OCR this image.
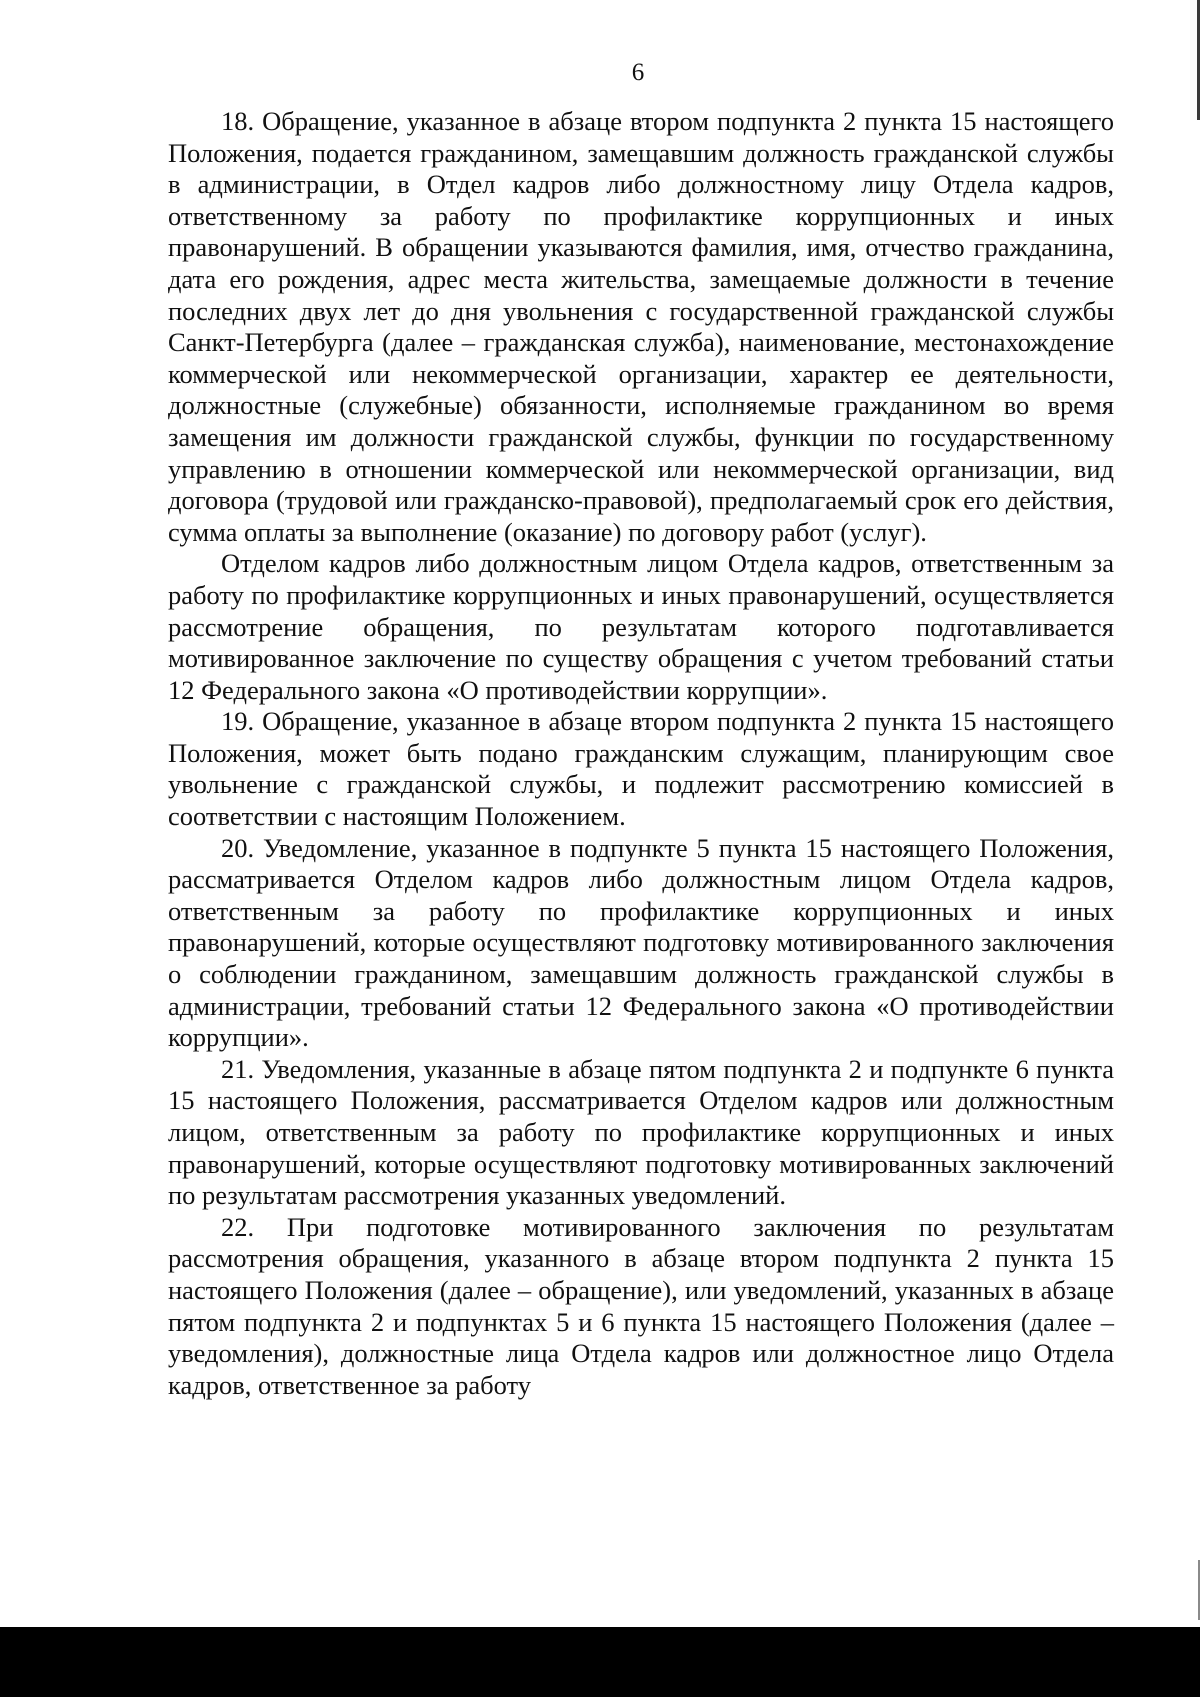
6

18. Обращение, указанное в абзаце втором подпункта 2 пункта 15 настоящего Положения, подается гражданином, замещавшим должность гражданской службы в администрации, в Отдел кадров либо должностному лицу Отдела кадров, ответственному за работу по профилактике коррупционных и иных правонарушений. В обращении указываются фамилия, имя, отчество гражданина, дата его рождения, адрес места жительства, замещаемые должности в течение последних двух лет до дня увольнения с государственной гражданской службы Санкт-Петербурга (далее – гражданская служба), наименование, местонахождение коммерческой или некоммерческой организации, характер ее деятельности, должностные (служебные) обязанности, исполняемые гражданином во время замещения им должности гражданской службы, функции по государственному управлению в отношении коммерческой или некоммерческой организации, вид договора (трудовой или гражданско-правовой), предполагаемый срок его действия, сумма оплаты за выполнение (оказание) по договору работ (услуг).

Отделом кадров либо должностным лицом Отдела кадров, ответственным за работу по профилактике коррупционных и иных правонарушений, осуществляется рассмотрение обращения, по результатам которого подготавливается мотивированное заключение по существу обращения с учетом требований статьи 12 Федерального закона «О противодействии коррупции».

19. Обращение, указанное в абзаце втором подпункта 2 пункта 15 настоящего Положения, может быть подано гражданским служащим, планирующим свое увольнение с гражданской службы, и подлежит рассмотрению комиссией в соответствии с настоящим Положением.

20. Уведомление, указанное в подпункте 5 пункта 15 настоящего Положения, рассматривается Отделом кадров либо должностным лицом Отдела кадров, ответственным за работу по профилактике коррупционных и иных правонарушений, которые осуществляют подготовку мотивированного заключения о соблюдении гражданином, замещавшим должность гражданской службы в администрации, требований статьи 12 Федерального закона «О противодействии коррупции».

21. Уведомления, указанные в абзаце пятом подпункта 2 и подпункте 6 пункта 15 настоящего Положения, рассматривается Отделом кадров или должностным лицом, ответственным за работу по профилактике коррупционных и иных правонарушений, которые осуществляют подготовку мотивированных заключений по результатам рассмотрения указанных уведомлений.

22. При подготовке мотивированного заключения по результатам рассмотрения обращения, указанного в абзаце втором подпункта 2 пункта 15 настоящего Положения (далее – обращение), или уведомлений, указанных в абзаце пятом подпункта 2 и подпунктах 5 и 6 пункта 15 настоящего Положения (далее – уведомления), должностные лица Отдела кадров или должностное лицо Отдела кадров, ответственное за работу
